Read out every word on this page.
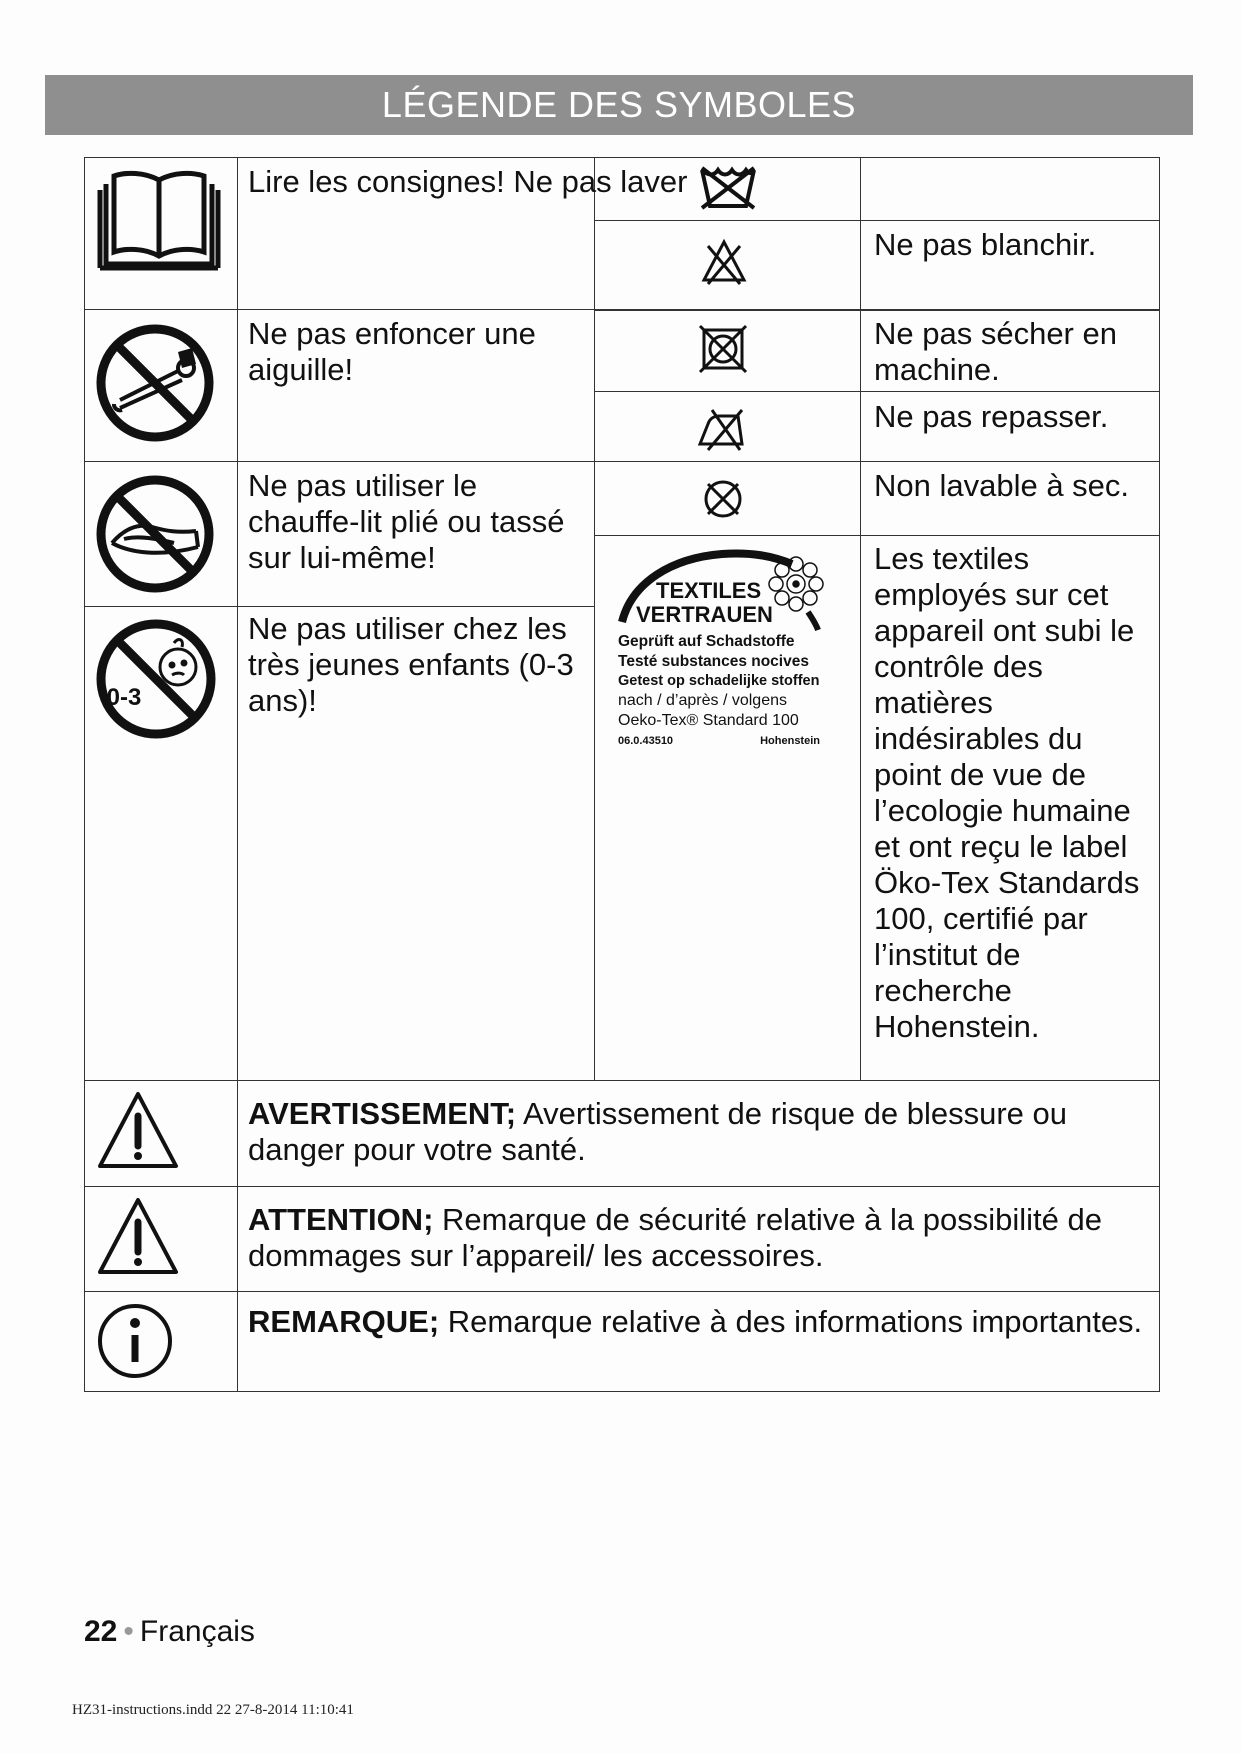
LÉGENDE DES SYMBOLES
Lire les consignes! Ne pas laver
Ne pas blanchir.
Ne pas enfoncer une aiguille!
Ne pas sécher en machine.
Ne pas repasser.
Ne pas utiliser le chauffe-lit plié ou tassé sur lui-même!
Non lavable à sec.
Ne pas utiliser chez les très jeunes enfants (0-3 ans)!
Les textiles employés sur cet appareil ont subi le contrôle des matières indésirables du point de vue de l’ecologie humaine et ont reçu le label Öko-Tex Standards 100, certifié par l’institut de recherche Hohenstein.
AVERTISSEMENT; Avertissement de risque de blessure ou danger pour votre santé.
ATTENTION; Remarque de sécurité relative à la possibilité de dommages sur l’appareil/ les accessoires.
REMARQUE; Remarque relative à des informations importantes.
0-3
TEXTILES
VERTRAUEN
Geprüft auf Schadstoffe
Testé substances nocives
Getest op schadelijke stoffen
nach / d’après / volgens
Oeko-Tex® Standard 100
06.0.43510	Hohenstein
22 • Français
HZ31-instructions.indd 22 27-8-2014 11:10:41
